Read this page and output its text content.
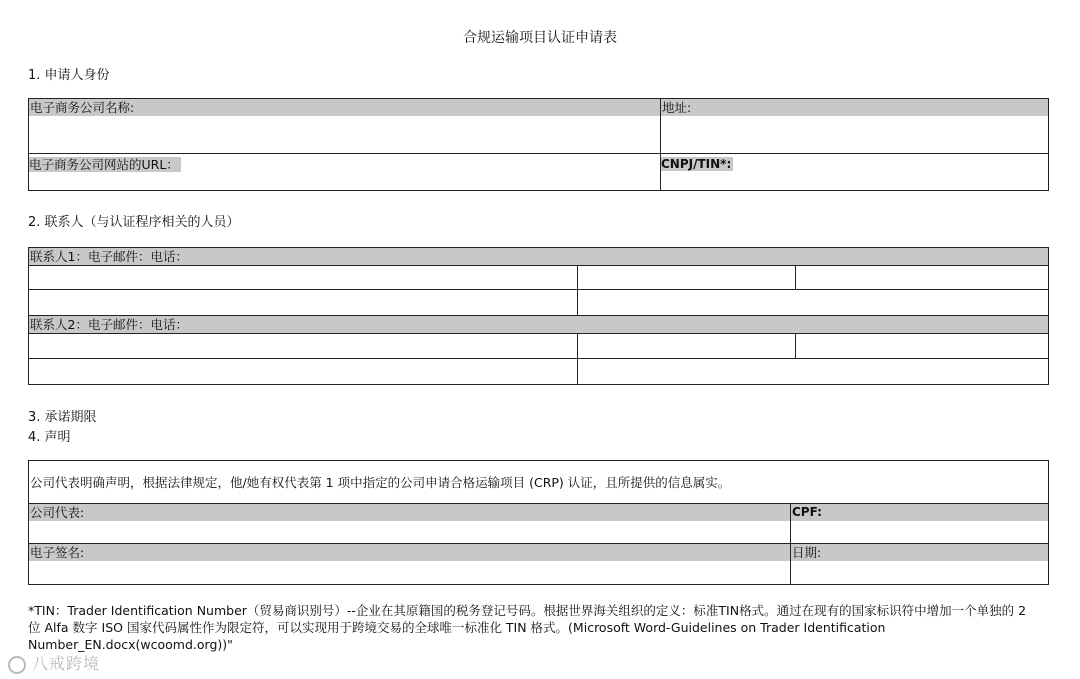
合规运输项目认证申请表
1. 申请人身份
电子商务公司名称:	地址:

电子商务公司网站的URL：	CNPJ/TIN*:
2. 联系人（与认证程序相关的人员）
联系人1：电子邮件：电话：		

联系人2：电子邮件：电话：		

3. 承诺期限
4. 声明
公司代表明确声明，根据法律规定，他/她有权代表第 1 项中指定的公司申请合格运输项目 (CRP) 认证，且所提供的信息属实。	

公司代表:	CPF:

电子签名:	日期:
*TIN：Trader Identification Number（贸易商识别号）--企业在其原籍国的税务登记号码。根据世界海关组织的定义：标准TIN格式。通过在现有的国家标识符中增加一个单独的 2 位 Alfa 数字 ISO 国家代码属性作为限定符，可以实现用于跨境交易的全球唯一标准化 TIN 格式。(Microsoft Word-Guidelines on Trader Identification Number_EN.docx(wcoomd.org))"
八戒跨境
